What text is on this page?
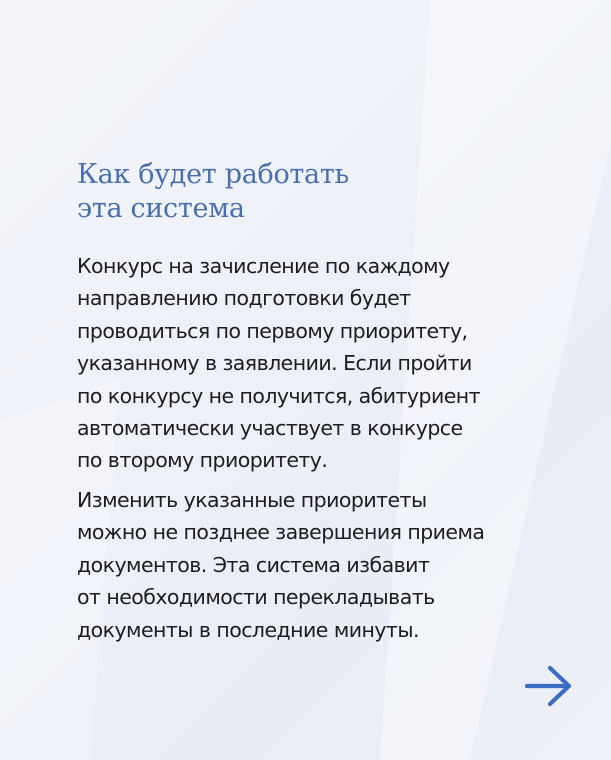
Как будет работать
эта система

Конкурс на зачисление по каждому
направлению подготовки будет
проводиться по первому приоритету,
указанному в заявлении. Если пройти
по конкурсу не получится, абитуриент
автоматически участвует в конкурсе
по второму приоритету.

Изменить указанные приоритеты
можно не позднее завершения приема
документов. Эта система избавит
от необходимости перекладывать
документы в последние минуты.
